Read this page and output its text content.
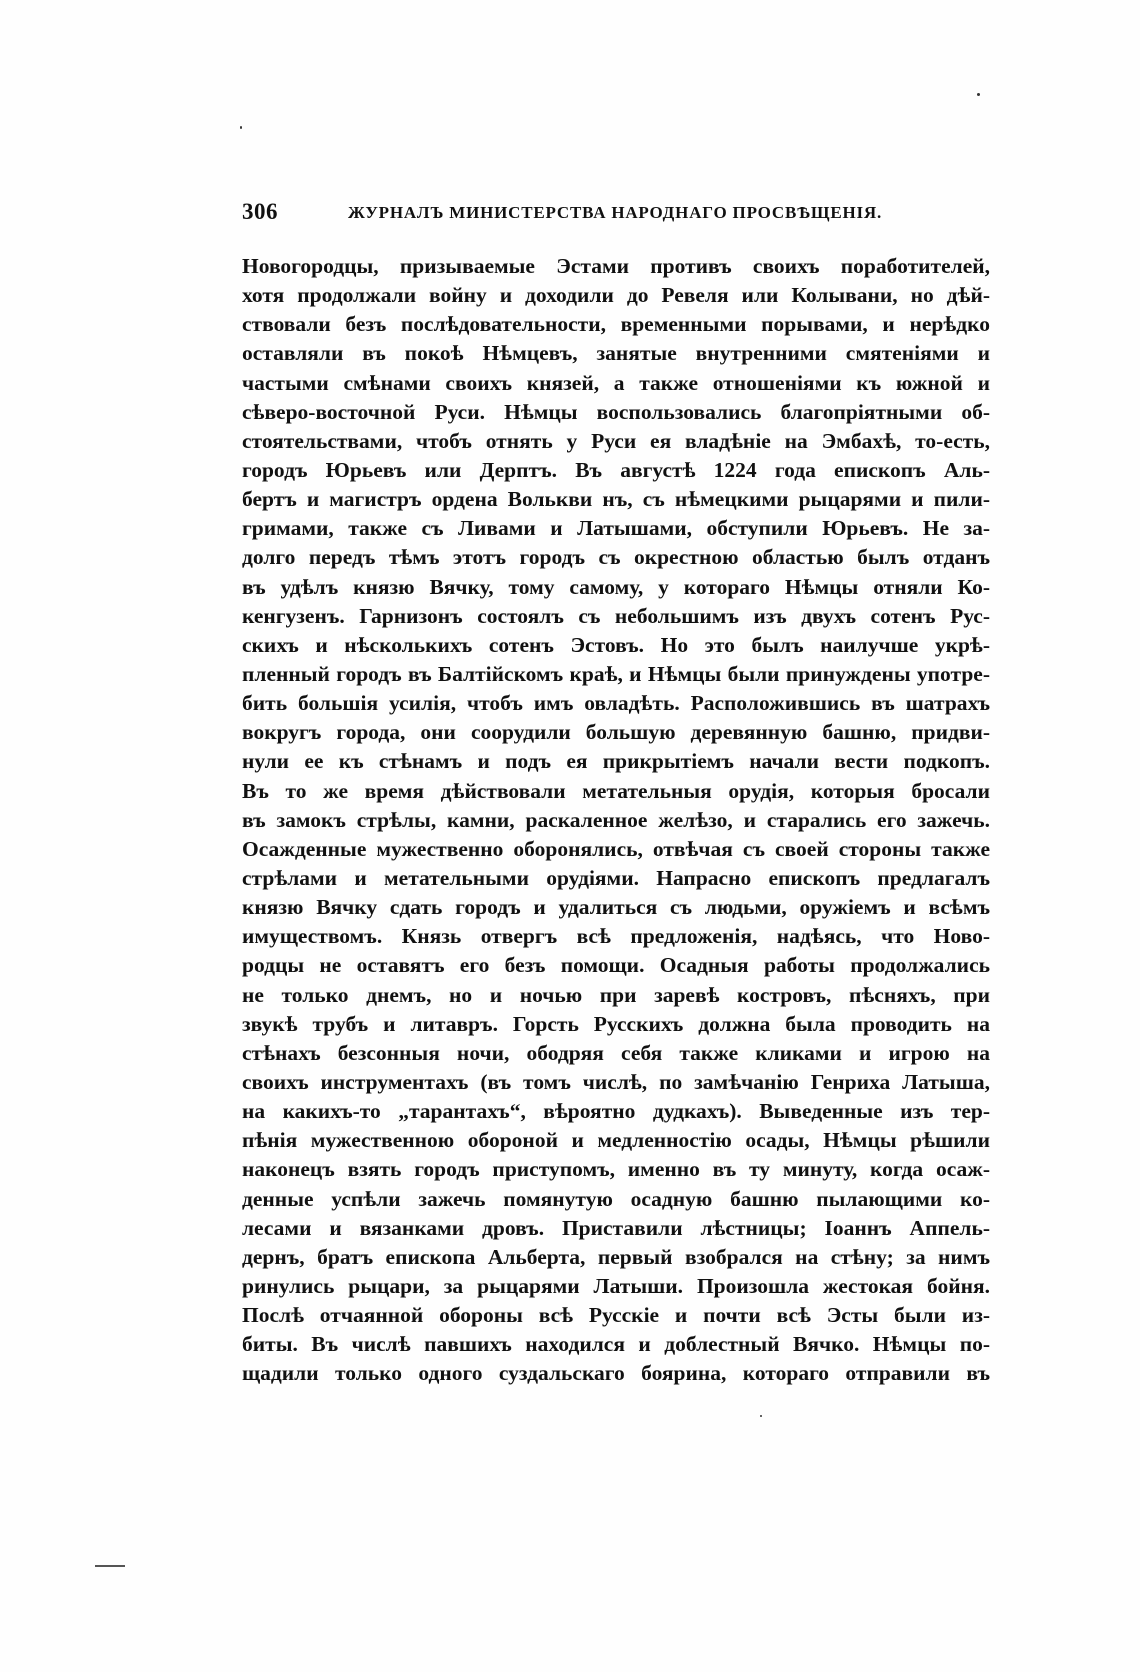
306	ЖУРНАЛЪ МИНИСТЕРСТВА НАРОДНАГО ПРОСВѢЩЕНІЯ.
Новогородцы, призываемые Эстами противъ своихъ поработителей,
хотя продолжали войну и доходили до Ревеля или Колывани, но дѣй-
ствовали безъ послѣдовательности, временными порывами, и нерѣдко
оставляли въ покоѣ Нѣмцевъ, занятые внутренними смятеніями и
частыми смѣнами своихъ князей, а также отношеніями къ южной и
сѣверо-восточной Руси. Нѣмцы воспользовались благопріятными об-
стоятельствами, чтобъ отнять у Руси ея владѣніе на Эмбахѣ, то-есть,
городъ Юрьевъ или Дерптъ. Въ августѣ 1224 года епископъ Аль-
бертъ и магистръ ордена Волькви нъ, съ нѣмецкими рыцарями и пили-
гримами, также съ Ливами и Латышами, обступили Юрьевъ. Не за-
долго передъ тѣмъ этотъ городъ съ окрестною областью былъ отданъ
въ удѣлъ князю Вячку, тому самому, у котораго Нѣмцы отняли Ко-
кенгузенъ. Гарнизонъ состоялъ съ небольшимъ изъ двухъ сотенъ Рус-
скихъ и нѣсколькихъ сотенъ Эстовъ. Но это былъ наилучше укрѣ-
пленный городъ въ Балтійскомъ краѣ, и Нѣмцы были принуждены употре-
бить большія усилія, чтобъ имъ овладѣть. Расположившись въ шатрахъ
вокругъ города, они соорудили большую деревянную башню, придви-
нули ее къ стѣнамъ и подъ ея прикрытіемъ начали вести подкопъ.
Въ то же время дѣйствовали метательныя орудія, которыя бросали
въ замокъ стрѣлы, камни, раскаленное желѣзо, и старались его зажечь.
Осажденные мужественно оборонялись, отвѣчая съ своей стороны также
стрѣлами и метательными орудіями. Напрасно епископъ предлагалъ
князю Вячку сдать городъ и удалиться съ людьми, оружіемъ и всѣмъ
имуществомъ. Князь отвергъ всѣ предложенія, надѣясь, что Ново-
родцы не оставятъ его безъ помощи. Осадныя работы продолжались
не только днемъ, но и ночью при заревѣ костровъ, пѣсняхъ, при
звукѣ трубъ и литавръ. Горсть Русскихъ должна была проводить на
стѣнахъ безсонныя ночи, ободряя себя также кликами и игрою на
своихъ инструментахъ (въ томъ числѣ, по замѣчанію Генриха Латыша,
на какихъ-то „тарантахъ“, вѣроятно дудкахъ). Выведенные изъ тер-
пѣнія мужественною обороной и медленностію осады, Нѣмцы рѣшили
наконецъ взять городъ приступомъ, именно въ ту минуту, когда осаж-
денные успѣли зажечь помянутую осадную башню пылающими ко-
лесами и вязанками дровъ. Приставили лѣстницы; Іоаннъ Аппель-
дернъ, братъ епископа Альберта, первый взобрался на стѣну; за нимъ
ринулись рыцари, за рыцарями Латыши. Произошла жестокая бойня.
Послѣ отчаянной обороны всѣ Русскіе и почти всѣ Эсты были из-
биты. Въ числѣ павшихъ находился и доблестный Вячко. Нѣмцы по-
щадили только одного суздальскаго боярина, котораго отправили въ
